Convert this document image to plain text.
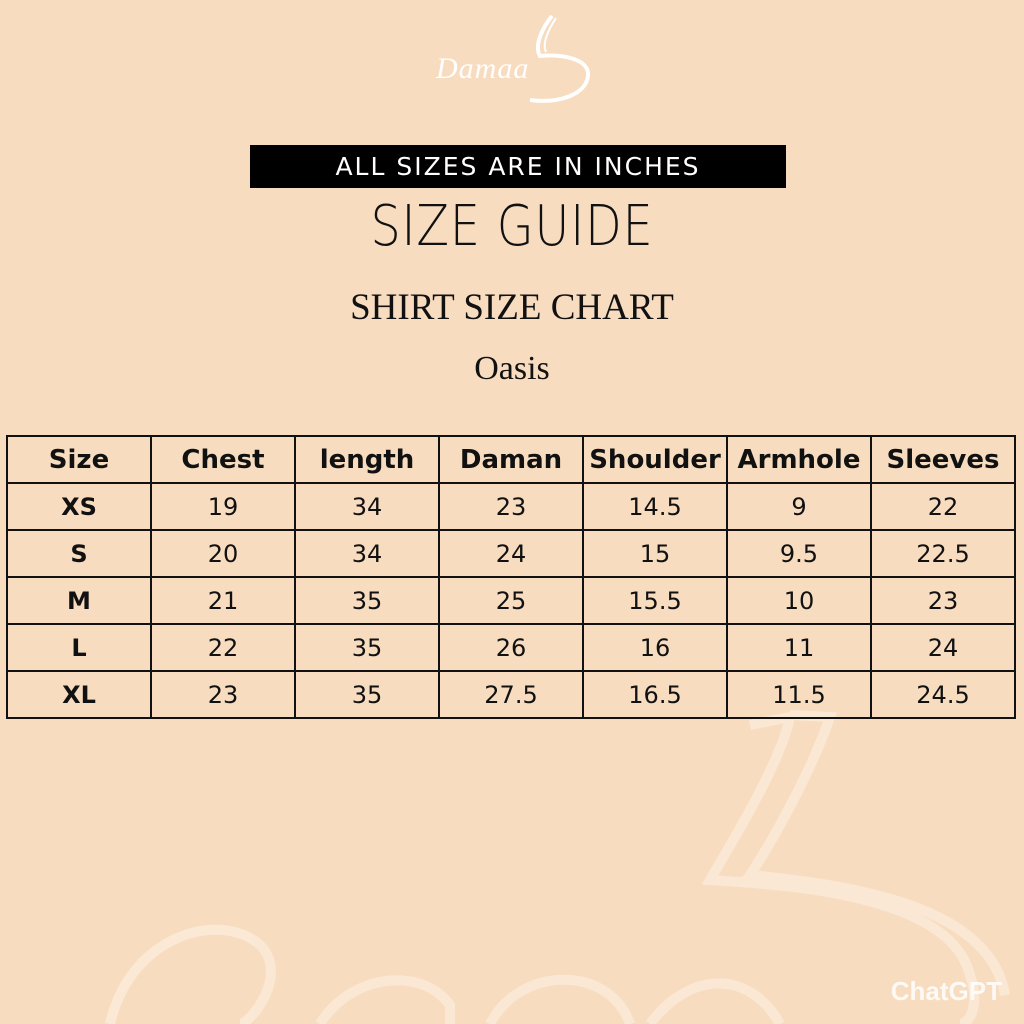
Damaa
ALL SIZES ARE IN INCHES
SIZE GUIDE
SHIRT SIZE CHART
Oasis
Size	Chest	length	Daman	Shoulder	Armhole	Sleeves
XS	19	34	23	14.5	9	22
S	20	34	24	15	9.5	22.5
M	21	35	25	15.5	10	23
L	22	35	26	16	11	24
XL	23	35	27.5	16.5	11.5	24.5
ChatGPT
